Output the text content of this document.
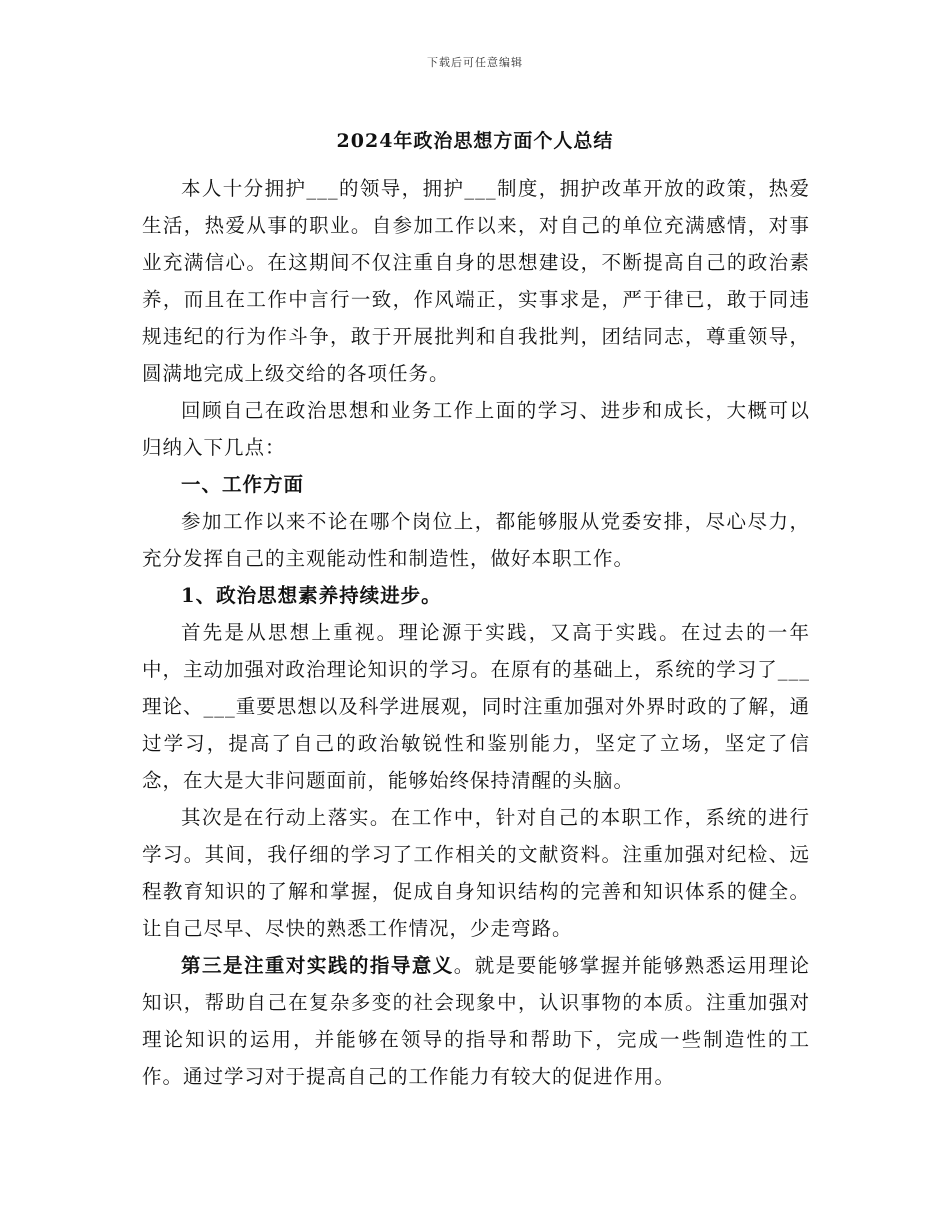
下载后可任意编辑
2024年政治思想方面个人总结

本人十分拥护___的领导，拥护___制度，拥护改革开放的政策，热爱生活，热爱从事的职业。自参加工作以来，对自己的单位充满感情，对事业充满信心。在这期间不仅注重自身的思想建设，不断提高自己的政治素养，而且在工作中言行一致，作风端正，实事求是，严于律已，敢于同违规违纪的行为作斗争，敢于开展批判和自我批判，团结同志，尊重领导，圆满地完成上级交给的各项任务。

回顾自己在政治思想和业务工作上面的学习、进步和成长，大概可以归纳入下几点：

一、工作方面

参加工作以来不论在哪个岗位上，都能够服从党委安排，尽心尽力，充分发挥自己的主观能动性和制造性，做好本职工作。

1、政治思想素养持续进步。

首先是从思想上重视。理论源于实践，又高于实践。在过去的一年中，主动加强对政治理论知识的学习。在原有的基础上，系统的学习了___理论、___重要思想以及科学进展观，同时注重加强对外界时政的了解，通过学习，提高了自己的政治敏锐性和鉴别能力，坚定了立场，坚定了信念，在大是大非问题面前，能够始终保持清醒的头脑。

其次是在行动上落实。在工作中，针对自己的本职工作，系统的进行学习。其间，我仔细的学习了工作相关的文献资料。注重加强对纪检、远程教育知识的了解和掌握，促成自身知识结构的完善和知识体系的健全。让自己尽早、尽快的熟悉工作情况，少走弯路。

第三是注重对实践的指导意义。就是要能够掌握并能够熟悉运用理论知识，帮助自己在复杂多变的社会现象中，认识事物的本质。注重加强对理论知识的运用，并能够在领导的指导和帮助下，完成一些制造性的工作。通过学习对于提高自己的工作能力有较大的促进作用。
